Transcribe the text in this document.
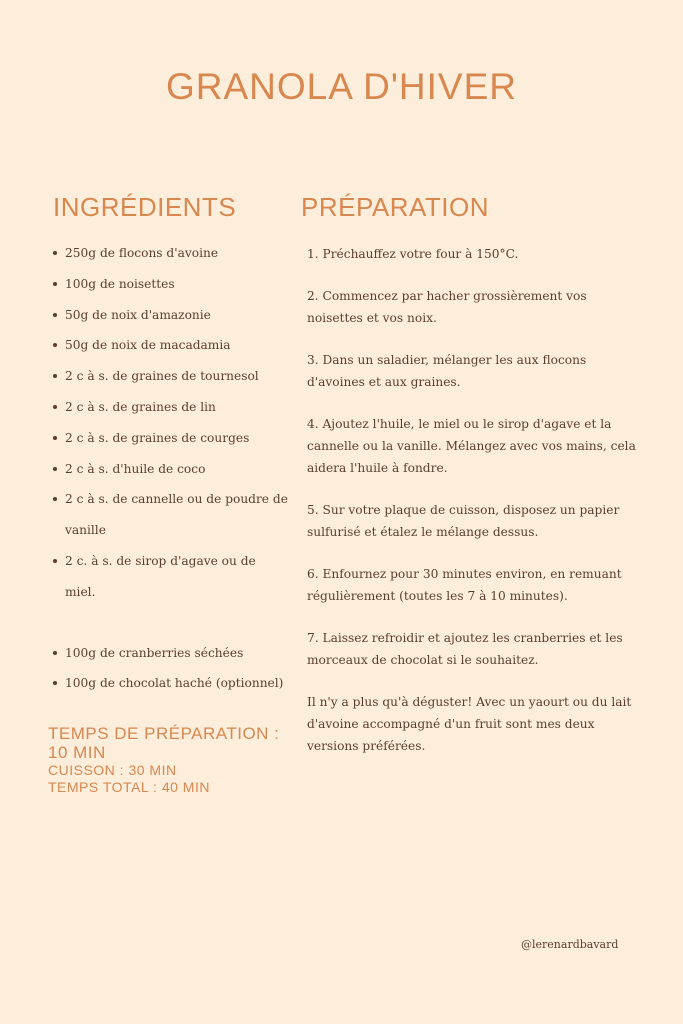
GRANOLA D'HIVER
INGRÉDIENTS PRÉPARATION
250g de flocons d'avoine
100g de noisettes
50g de noix d'amazonie
50g de noix de macadamia
2 c à s. de graines de tournesol
2 c à s. de graines de lin
2 c à s. de graines de courges
2 c à s. d'huile de coco
2 c à s. de cannelle ou de poudre de vanille
2 c. à s. de sirop d'agave ou de miel.
100g de cranberries séchées
100g de chocolat haché (optionnel)
TEMPS DE PRÉPARATION : 10 MIN
CUISSON : 30 MIN
TEMPS TOTAL : 40 MIN

1. Préchauffez votre four à 150°C.

2. Commencez par hacher grossièrement vos noisettes et vos noix.

3. Dans un saladier, mélanger les aux flocons d'avoines et aux graines.

4. Ajoutez l'huile, le miel ou le sirop d'agave et la cannelle ou la vanille. Mélangez avec vos mains, cela aidera l'huile à fondre.

5. Sur votre plaque de cuisson, disposez un papier sulfurisé et étalez le mélange dessus.

6. Enfournez pour 30 minutes environ, en remuant régulièrement (toutes les 7 à 10 minutes).

7. Laissez refroidir et ajoutez les cranberries et les morceaux de chocolat si le souhaitez.

Il n'y a plus qu'à déguster! Avec un yaourt ou du lait d'avoine accompagné d'un fruit sont mes deux versions préférées.

@lerenardbavard
